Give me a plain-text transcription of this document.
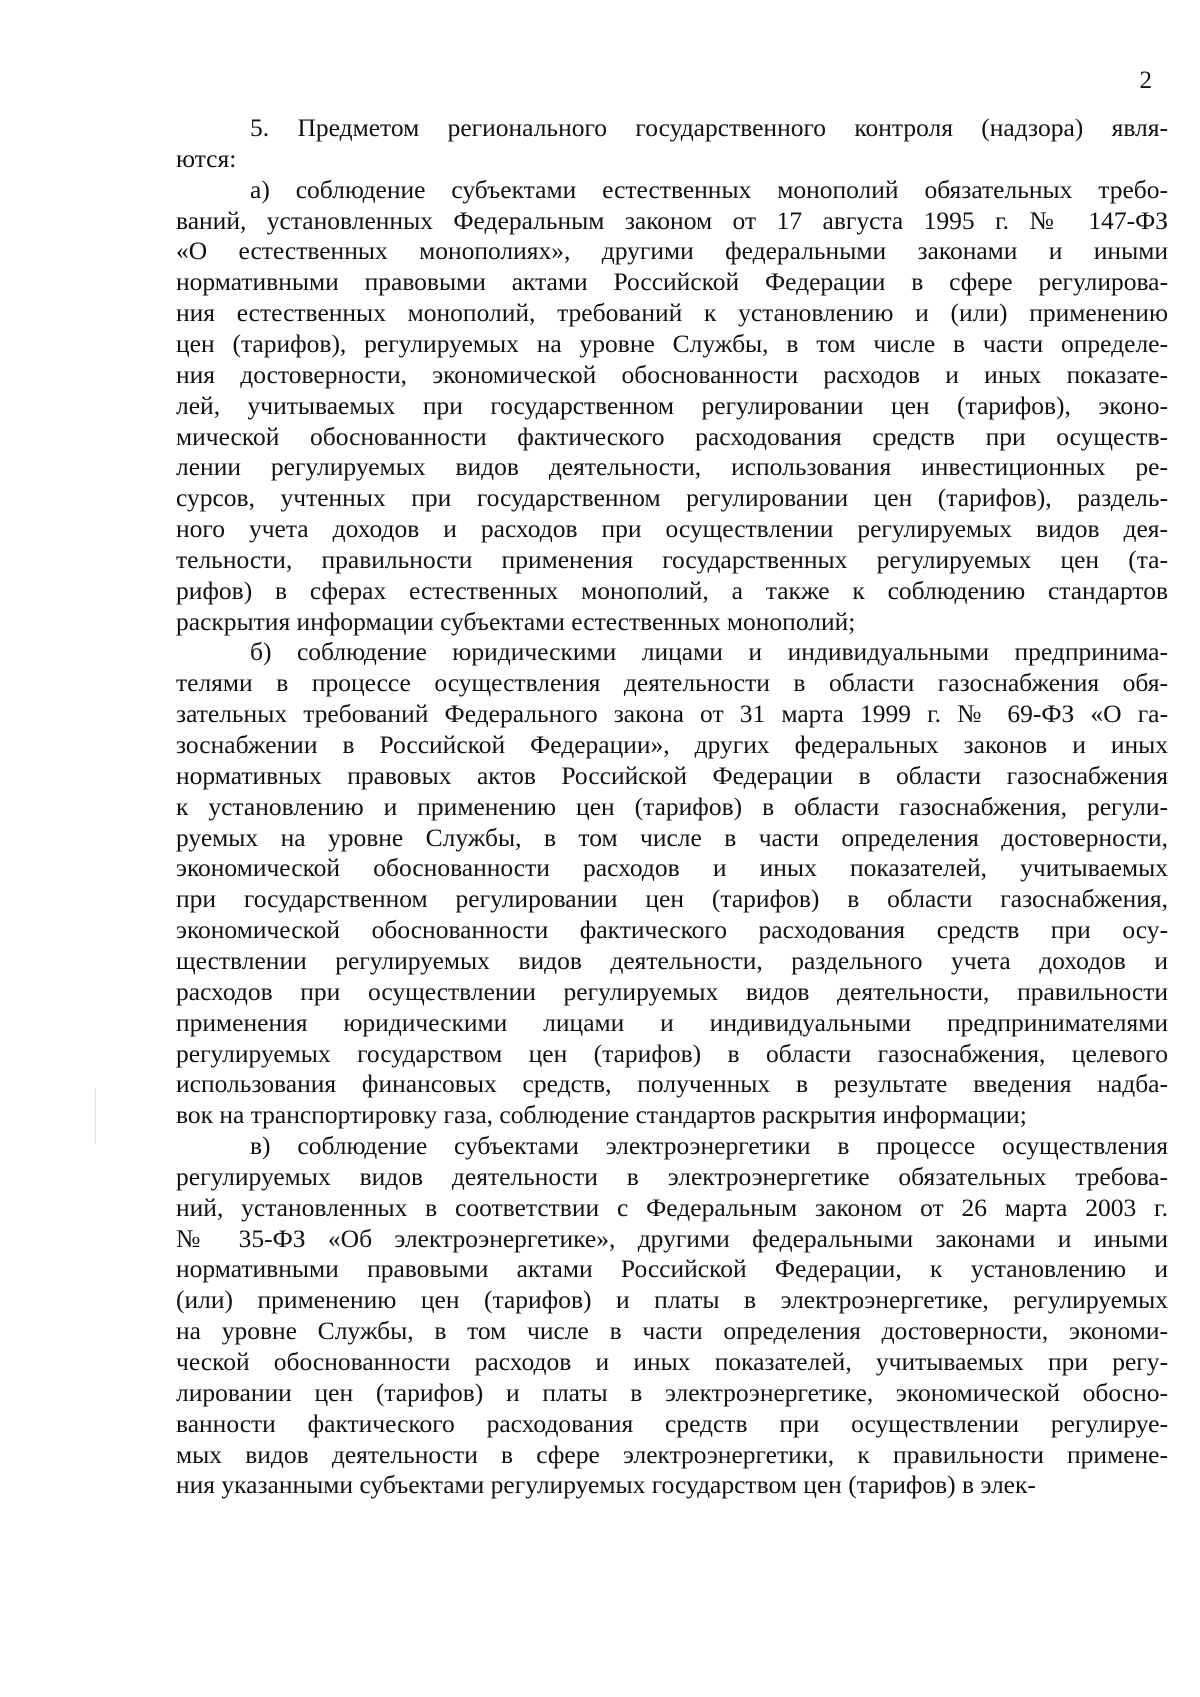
2
5. Предметом регионального государственного контроля (надзора) явля-
ются:
а) соблюдение субъектами естественных монополий обязательных требо-
ваний, установленных Федеральным законом от 17 августа 1995 г. № 147-ФЗ
«О естественных монополиях», другими федеральными законами и иными
нормативными правовыми актами Российской Федерации в сфере регулирова-
ния естественных монополий, требований к установлению и (или) применению
цен (тарифов), регулируемых на уровне Службы, в том числе в части определе-
ния достоверности, экономической обоснованности расходов и иных показате-
лей, учитываемых при государственном регулировании цен (тарифов), эконо-
мической обоснованности фактического расходования средств при осуществ-
лении регулируемых видов деятельности, использования инвестиционных ре-
сурсов, учтенных при государственном регулировании цен (тарифов), раздель-
ного учета доходов и расходов при осуществлении регулируемых видов дея-
тельности, правильности применения государственных регулируемых цен (та-
рифов) в сферах естественных монополий, а также к соблюдению стандартов
раскрытия информации субъектами естественных монополий;
б) соблюдение юридическими лицами и индивидуальными предпринима-
телями в процессе осуществления деятельности в области газоснабжения обя-
зательных требований Федерального закона от 31 марта 1999 г. № 69-ФЗ «О га-
зоснабжении в Российской Федерации», других федеральных законов и иных
нормативных правовых актов Российской Федерации в области газоснабжения
к установлению и применению цен (тарифов) в области газоснабжения, регули-
руемых на уровне Службы, в том числе в части определения достоверности,
экономической обоснованности расходов и иных показателей, учитываемых
при государственном регулировании цен (тарифов) в области газоснабжения,
экономической обоснованности фактического расходования средств при осу-
ществлении регулируемых видов деятельности, раздельного учета доходов и
расходов при осуществлении регулируемых видов деятельности, правильности
применения юридическими лицами и индивидуальными предпринимателями
регулируемых государством цен (тарифов) в области газоснабжения, целевого
использования финансовых средств, полученных в результате введения надба-
вок на транспортировку газа, соблюдение стандартов раскрытия информации;
в) соблюдение субъектами электроэнергетики в процессе осуществления
регулируемых видов деятельности в электроэнергетике обязательных требова-
ний, установленных в соответствии с Федеральным законом от 26 марта 2003 г.
№ 35-ФЗ «Об электроэнергетике», другими федеральными законами и иными
нормативными правовыми актами Российской Федерации, к установлению и
(или) применению цен (тарифов) и платы в электроэнергетике, регулируемых
на уровне Службы, в том числе в части определения достоверности, экономи-
ческой обоснованности расходов и иных показателей, учитываемых при регу-
лировании цен (тарифов) и платы в электроэнергетике, экономической обосно-
ванности фактического расходования средств при осуществлении регулируе-
мых видов деятельности в сфере электроэнергетики, к правильности примене-
ния указанными субъектами регулируемых государством цен (тарифов) в элек-
